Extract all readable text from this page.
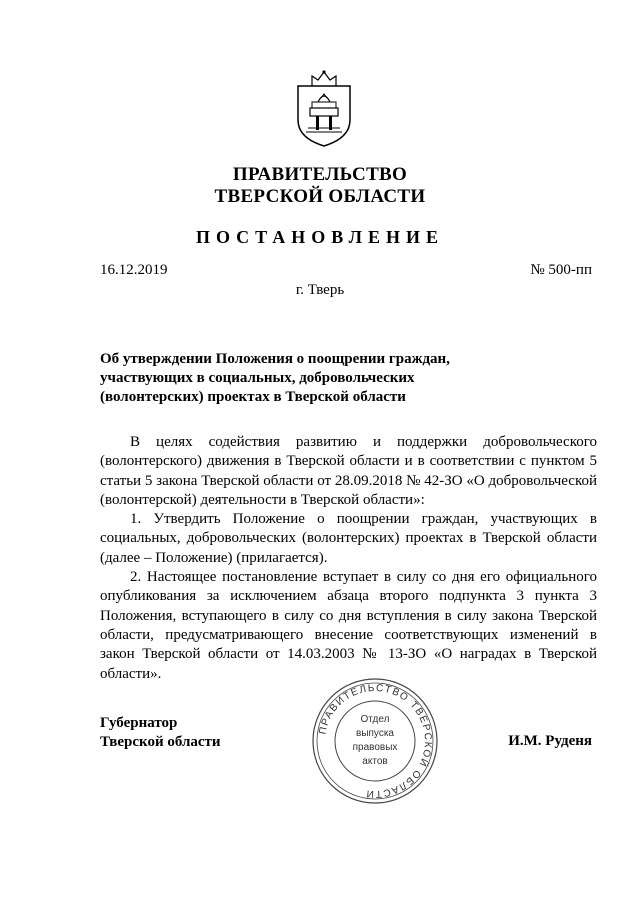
ПРАВИТЕЛЬСТВО
ТВЕРСКОЙ ОБЛАСТИ
ПОСТАНОВЛЕНИЕ
16.12.2019	№ 500-пп
г. Тверь
Об утверждении Положения о поощрении граждан,
участвующих в социальных, добровольческих
(волонтерских) проектах в Тверской области

В целях содействия развитию и поддержки добровольческого (волонтерского) движения в Тверской области и в соответствии с пунктом 5 статьи 5 закона Тверской области от 28.09.2018 № 42-ЗО «О добровольческой (волонтерской) деятельности в Тверской области»:

1. Утвердить Положение о поощрении граждан, участвующих в социальных, добровольческих (волонтерских) проектах в Тверской области (далее – Положение) (прилагается).

2. Настоящее постановление вступает в силу со дня его официального опубликования за исключением абзаца второго подпункта 3 пункта 3 Положения, вступающего в силу со дня вступления в силу закона Тверской области, предусматривающего внесение соответствующих изменений в закон Тверской области от 14.03.2003 № 13-ЗО «О наградах в Тверской области».

Губернатор
Тверской области	И.М. Руденя
ПРАВИТЕЛЬСТВО ТВЕРСКОЙ ОБЛАСТИ
Отдел
выпуска
правовых
актов
